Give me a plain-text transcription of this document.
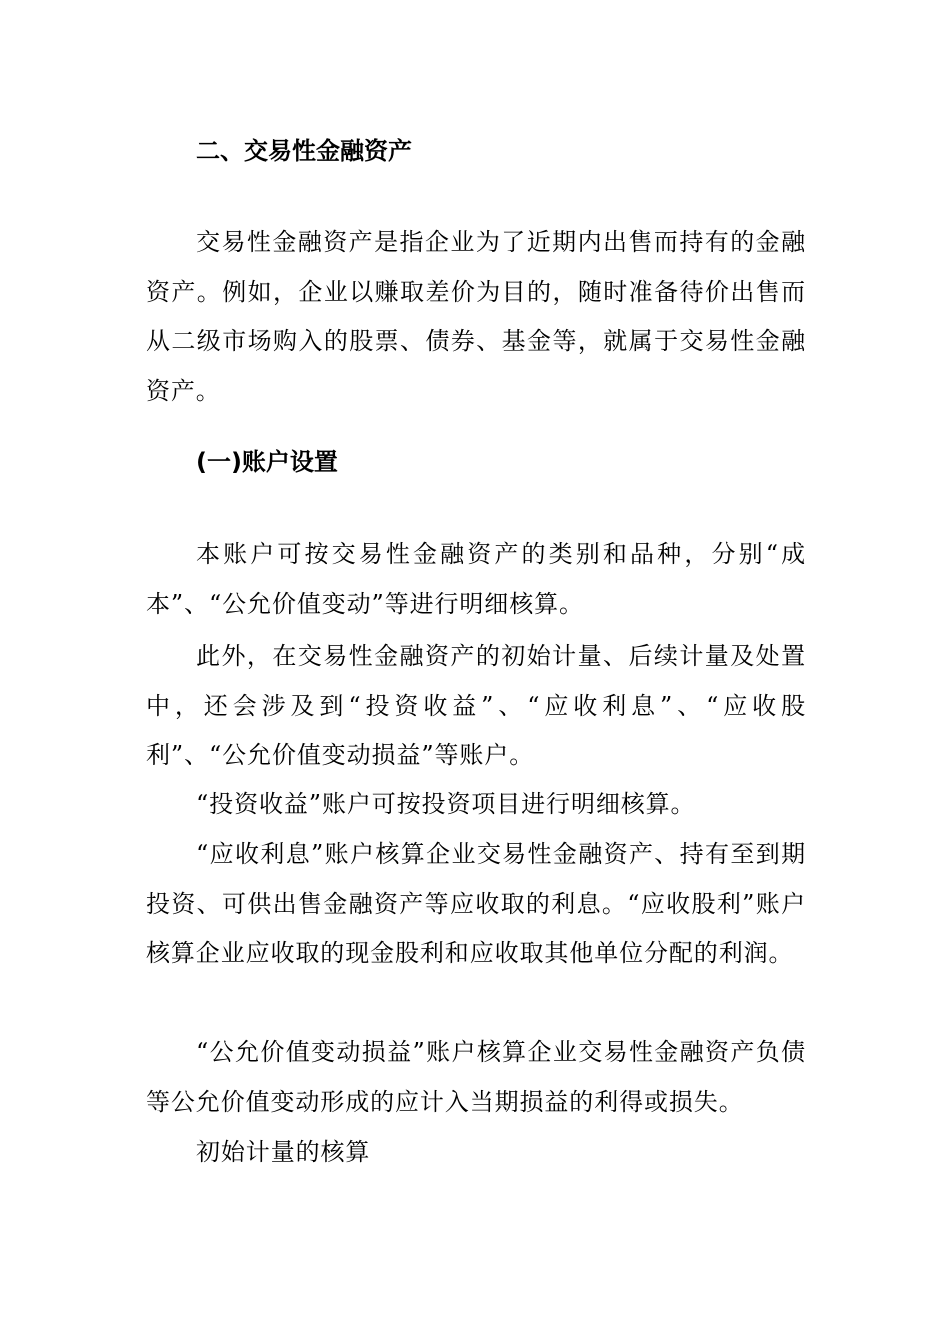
二、交易性金融资产

交易性金融资产是指企业为了近期内出售而持有的金融资产。例如，企业以赚取差价为目的，随时准备待价出售而从二级市场购入的股票、债券、基金等，就属于交易性金融资产。

(一)账户设置

本账户可按交易性金融资产的类别和品种，分别“成本”、“公允价值变动”等进行明细核算。

此外，在交易性金融资产的初始计量、后续计量及处置中，还会涉及到“投资收益”、“应收利息”、“应收股利”、“公允价值变动损益”等账户。

“投资收益”账户可按投资项目进行明细核算。

“应收利息”账户核算企业交易性金融资产、持有至到期投资、可供出售金融资产等应收取的利息。“应收股利”账户核算企业应收取的现金股利和应收取其他单位分配的利润。

“公允价值变动损益”账户核算企业交易性金融资产负债等公允价值变动形成的应计入当期损益的利得或损失。

初始计量的核算
